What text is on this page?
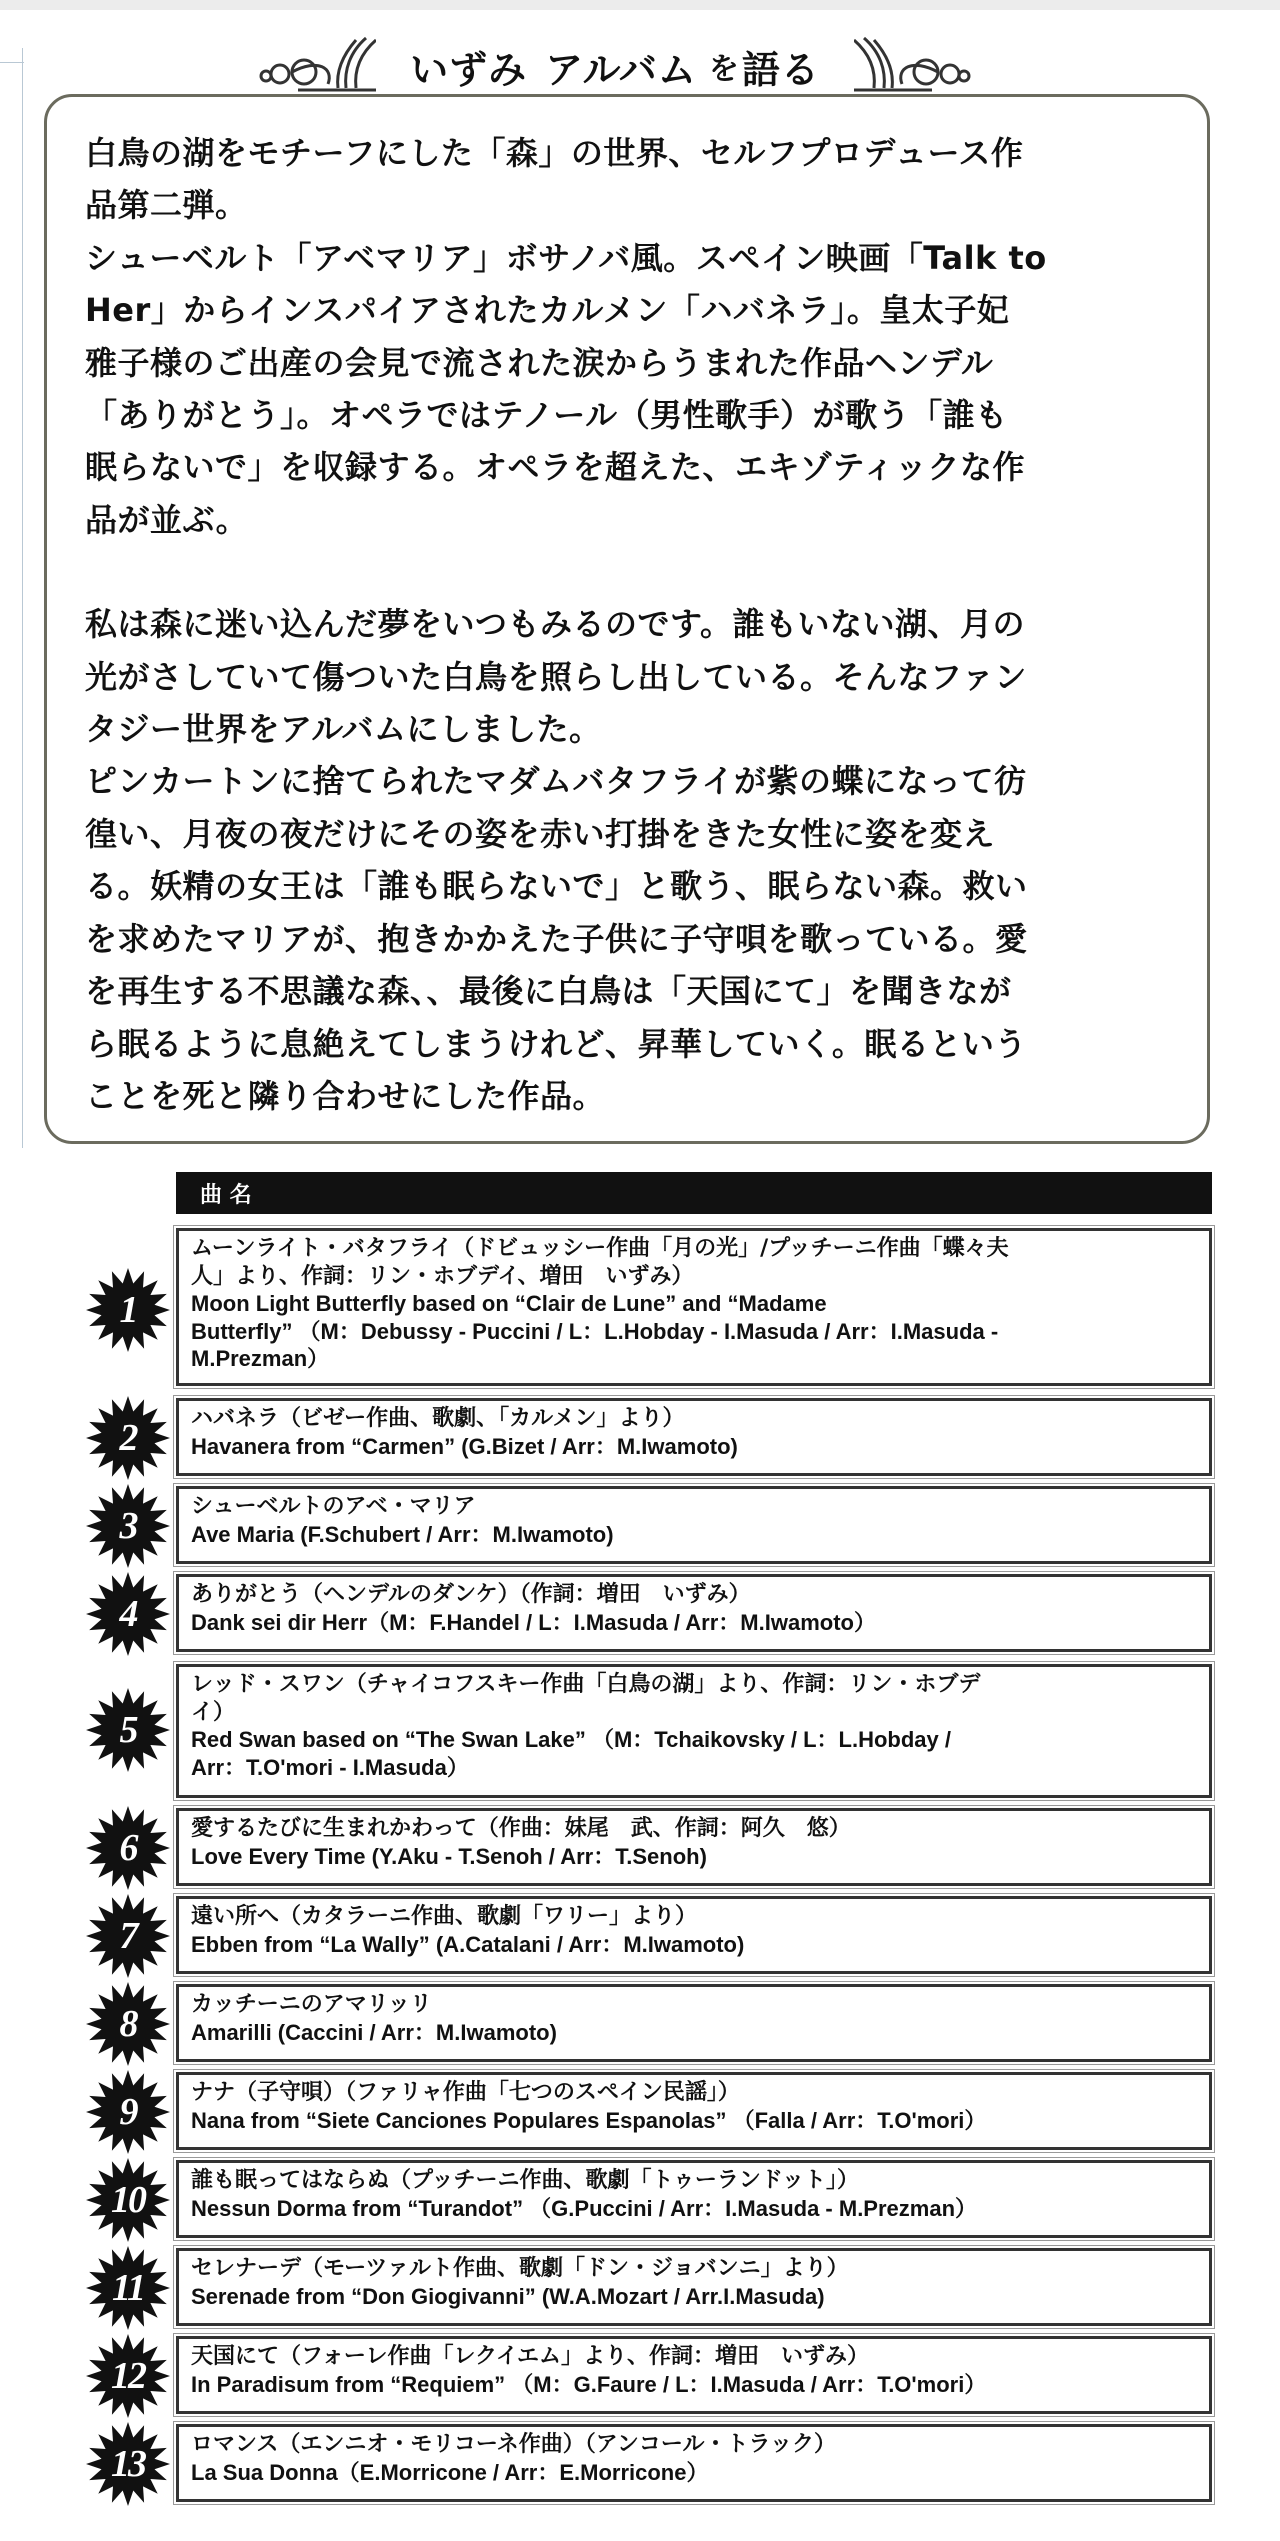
いずみ アルバム を 語る

白鳥の湖をモチーフにした「森」の世界、セルフプロデュース作

品第二弾。

シューベルト「アベマリア」ボサノバ風。スペイン映画「Talk to

Her」からインスパイアされたカルメン「ハバネラ」。皇太子妃

雅子様のご出産の会見で流された涙からうまれた作品ヘンデル

「ありがとう」。オペラではテノール（男性歌手）が歌う「誰も

眠らないで」を収録する。オペラを超えた、エキゾティックな作

品が並ぶ。

私は森に迷い込んだ夢をいつもみるのです。誰もいない湖、月の

光がさしていて傷ついた白鳥を照らし出している。そんなファン

タジー世界をアルバムにしました。

ピンカートンに捨てられたマダムバタフライが紫の蝶になって彷

徨い、月夜の夜だけにその姿を赤い打掛をきた女性に姿を変え

る。妖精の女王は「誰も眠らないで」と歌う、眠らない森。救い

を求めたマリアが、抱きかかえた子供に子守唄を歌っている。愛

を再生する不思議な森、、最後に白鳥は「天国にて」を聞きなが

ら眠るように息絶えてしまうけれど、昇華していく。眠るという

ことを死と隣り合わせにした作品。

曲 名
ムーンライト・バタフライ（ドビュッシー作曲「月の光」/プッチーニ作曲「蝶々夫
人」より、作詞：リン・ホブデイ、増田　いずみ）
Moon Light Butterfly based on “Clair de Lune” and “Madame
Butterfly” （M：Debussy - Puccini / L：L.Hobday - I.Masuda / Arr：I.Masuda -
M.Prezman）
ハバネラ（ビゼー作曲、歌劇、「カルメン」より）
Havanera from “Carmen” (G.Bizet / Arr：M.Iwamoto)
シューベルトのアベ・マリア
Ave Maria (F.Schubert / Arr：M.Iwamoto)
ありがとう（ヘンデルのダンケ）（作詞：増田　いずみ）
Dank sei dir Herr（M：F.Handel / L：I.Masuda / Arr：M.Iwamoto）
レッド・スワン（チャイコフスキー作曲「白鳥の湖」より、作詞：リン・ホブデ
イ）
Red Swan based on “The Swan Lake” （M：Tchaikovsky / L：L.Hobday /
Arr：T.O'mori - I.Masuda）
愛するたびに生まれかわって（作曲：妹尾　武、作詞：阿久　悠）
Love Every Time (Y.Aku - T.Senoh / Arr：T.Senoh)
遠い所へ（カタラーニ作曲、歌劇「ワリー」より）
Ebben from “La Wally” (A.Catalani / Arr：M.Iwamoto)
カッチーニのアマリッリ
Amarilli (Caccini / Arr：M.Iwamoto)
ナナ（子守唄）（ファリャ作曲「七つのスペイン民謡」）
Nana from “Siete Canciones Populares Espanolas” （Falla / Arr：T.O'mori）
誰も眠ってはならぬ（プッチーニ作曲、歌劇「トゥーランドット」）
Nessun Dorma from “Turandot” （G.Puccini / Arr：I.Masuda - M.Prezman）
セレナーデ（モーツァルト作曲、歌劇「ドン・ジョバンニ」より）
Serenade from “Don Giogivanni” (W.A.Mozart / Arr.I.Masuda)
天国にて（フォーレ作曲「レクイエム」より、作詞：増田　いずみ）
In Paradisum from “Requiem” （M：G.Faure / L：I.Masuda / Arr：T.O'mori）
ロマンス（エンニオ・モリコーネ作曲）（アンコール・トラック）
La Sua Donna（E.Morricone / Arr：E.Morricone）
1
2
3
4
5
6
7
8
9
10
11
12
13
